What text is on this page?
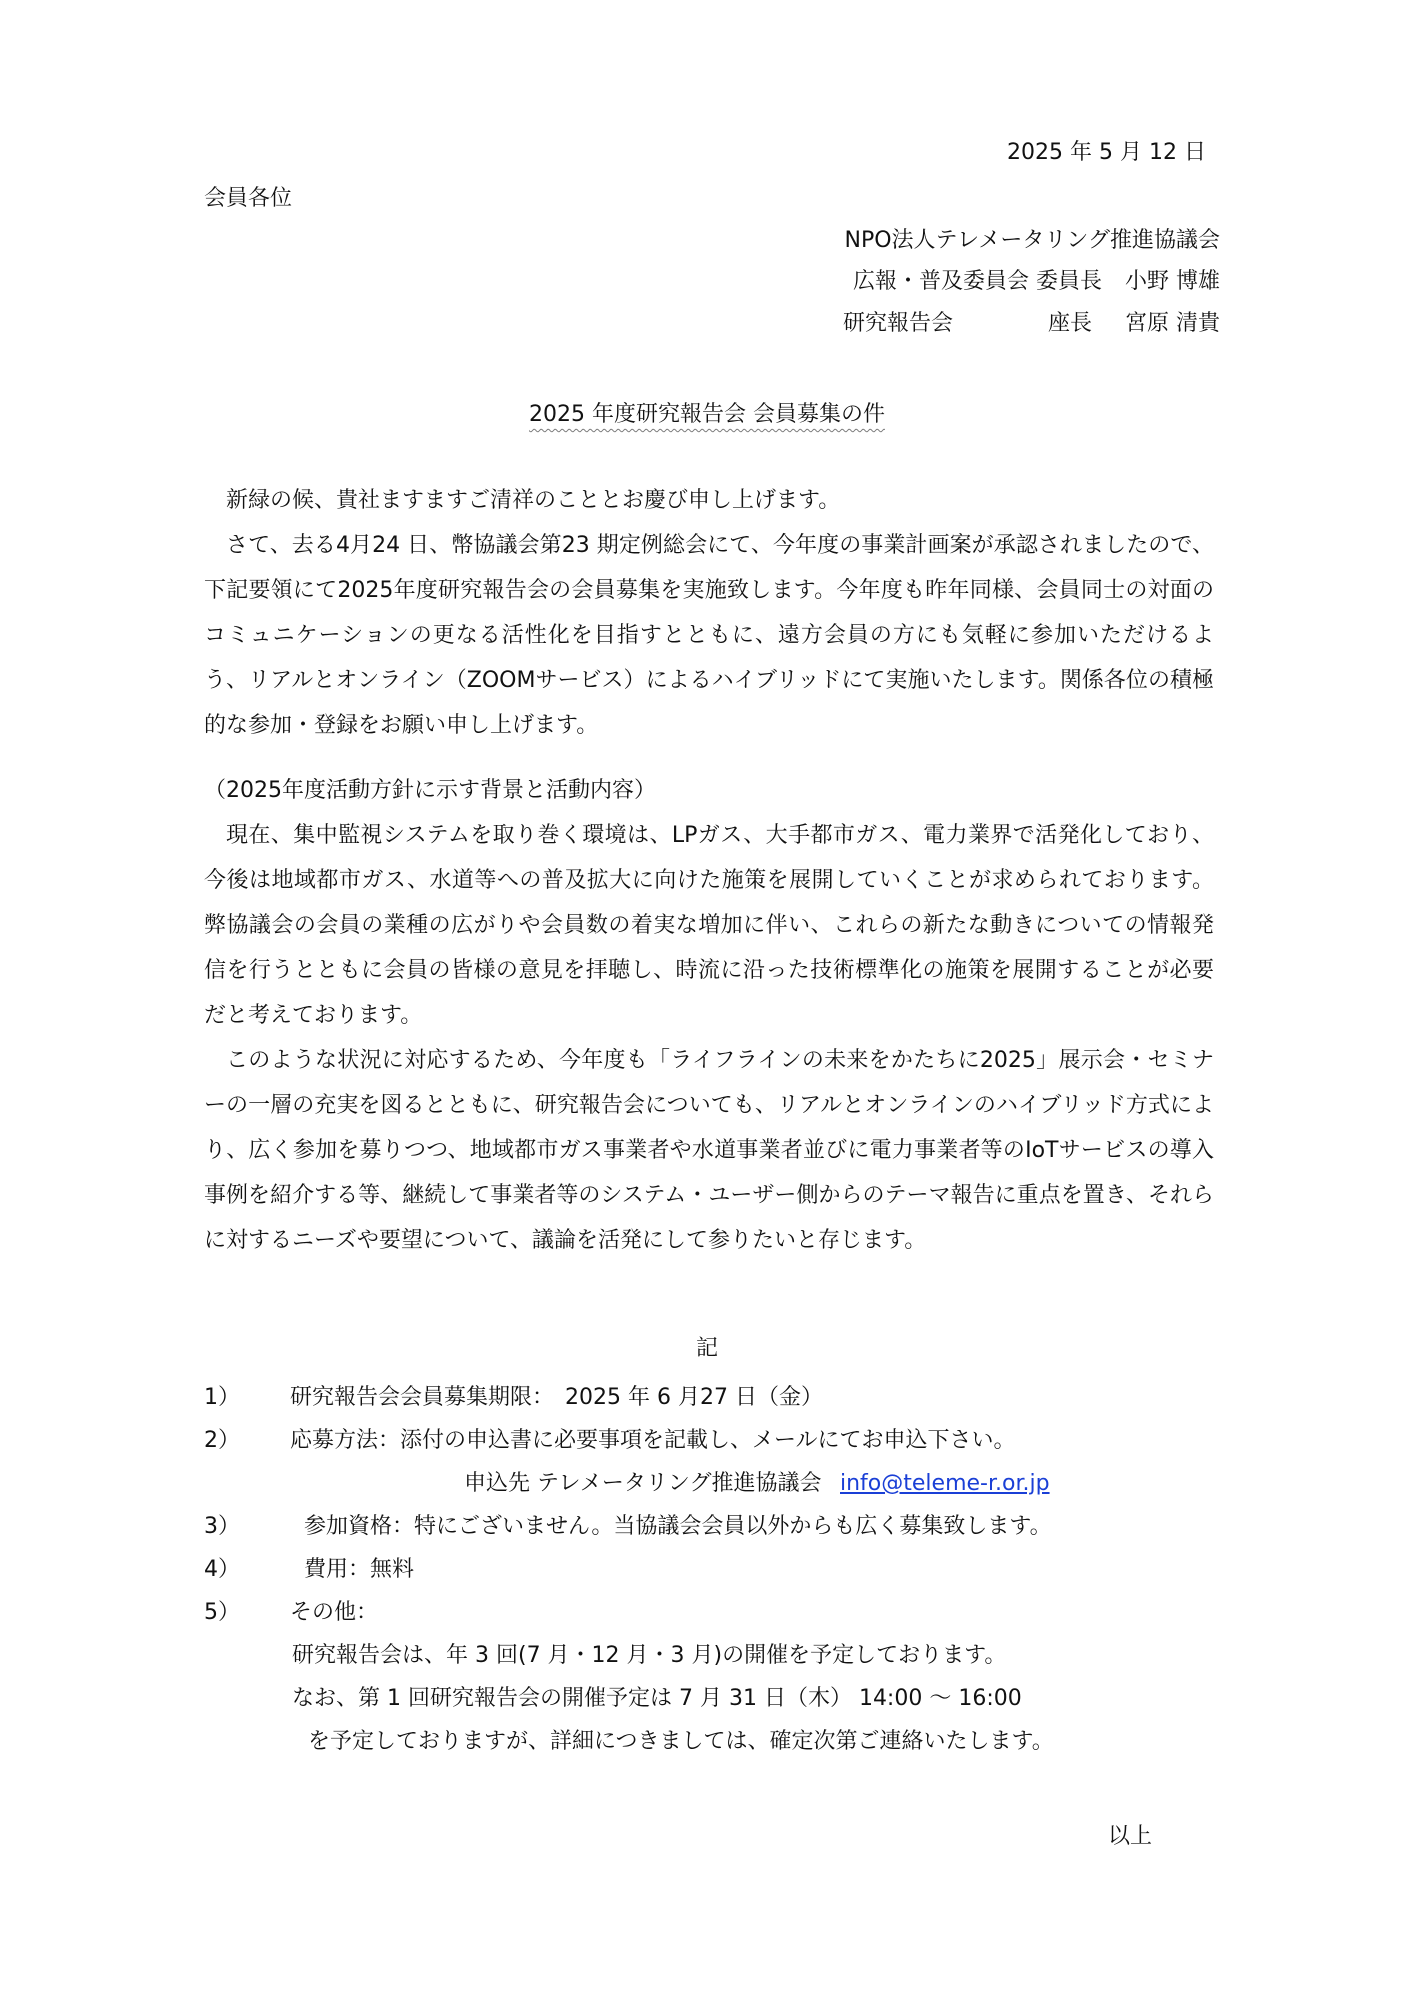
2025 年 5 月 12 日
会員各位
NPO法人テレメータリング推進協議会
広報・普及委員会 委員長 小野 博雄
研究報告会	座長 宮原 清貴
2025 年度研究報告会 会員募集の件

新緑の候、貴社ますますご清祥のこととお慶び申し上げます。

さて、去る4月24 日、幣協議会第23 期定例総会にて、今年度の事業計画案が承認されましたので、下記要領にて2025年度研究報告会の会員募集を実施致します。今年度も昨年同様、会員同士の対面のコミュニケーションの更なる活性化を目指すとともに、遠方会員の方にも気軽に参加いただけるよう、リアルとオンライン（ZOOMサービス）によるハイブリッドにて実施いたします。関係各位の積極的な参加・登録をお願い申し上げます。

（2025年度活動方針に示す背景と活動内容）

現在、集中監視システムを取り巻く環境は、LPガス、大手都市ガス、電力業界で活発化しており、今後は地域都市ガス、水道等への普及拡大に向けた施策を展開していくことが求められております。弊協議会の会員の業種の広がりや会員数の着実な増加に伴い、これらの新たな動きについての情報発信を行うとともに会員の皆様の意見を拝聴し、時流に沿った技術標準化の施策を展開することが必要だと考えております。

このような状況に対応するため、今年度も「ライフラインの未来をかたちに2025」展示会・セミナーの一層の充実を図るとともに、研究報告会についても、リアルとオンラインのハイブリッド方式により、広く参加を募りつつ、地域都市ガス事業者や水道事業者並びに電力事業者等のIoTサービスの導入事例を紹介する等、継続して事業者等のシステム・ユーザー側からのテーマ報告に重点を置き、それらに対するニーズや要望について、議論を活発にして参りたいと存じます。

記
1） 研究報告会会員募集期限：　2025 年 6 月27 日（金）
2） 応募方法：添付の申込書に必要事項を記載し、メールにてお申込下さい。
申込先 テレメータリング推進協議会 info@teleme-r.or.jp
3）	参加資格：特にございません。当協議会会員以外からも広く募集致します。
4）	費用：無料
5） その他：
研究報告会は、年 3 回(7 月・12 月・3 月)の開催を予定しております。
なお、第 1 回研究報告会の開催予定は 7 月 31 日（木） 14:00 ～ 16:00
を予定しておりますが、詳細につきましては、確定次第ご連絡いたします。
以上
